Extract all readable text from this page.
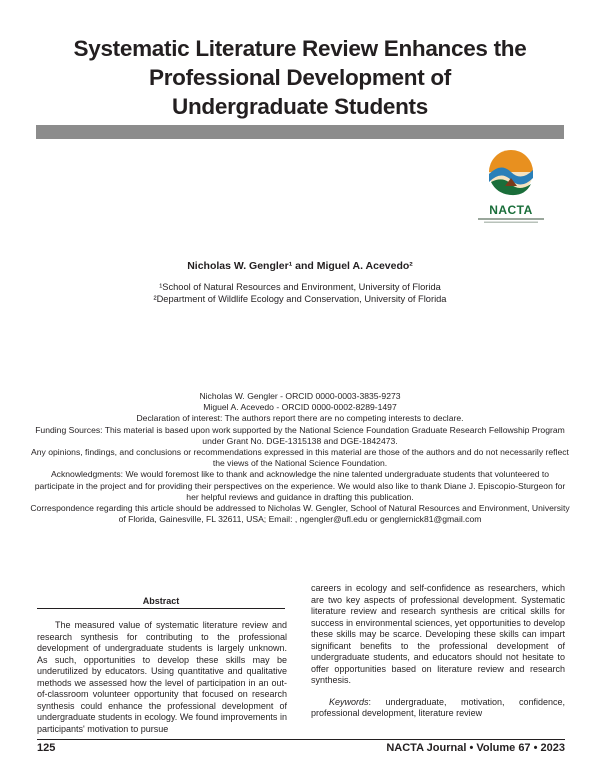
Systematic Literature Review Enhances the
Professional Development of
Undergraduate Students
NACTA
Nicholas W. Gengler¹ and Miguel A. Acevedo²
¹School of Natural Resources and Environment, University of Florida
²Department of Wildlife Ecology and Conservation, University of Florida

Nicholas W. Gengler - ORCID 0000-0003-3835-9273

Miguel A. Acevedo - ORCID 0000-0002-8289-1497

Declaration of interest: The authors report there are no competing interests to declare.

Funding Sources: This material is based upon work supported by the National Science Foundation Graduate Research Fellowship Program under Grant No. DGE-1315138 and DGE-1842473.

Any opinions, findings, and conclusions or recommendations expressed in this material are those of the authors and do not necessarily reflect the views of the National Science Foundation.

Acknowledgments: We would foremost like to thank and acknowledge the nine talented undergraduate students that volunteered to participate in the project and for providing their perspectives on the experience. We would also like to thank Diane J. Episcopio-Sturgeon for her helpful reviews and guidance in drafting this publication.

Correspondence regarding this article should be addressed to Nicholas W. Gengler, School of Natural Resources and Environment, University of Florida, Gainesville, FL 32611, USA; Email: , ngengler@ufl.edu or genglernick81@gmail.com

Abstract

The measured value of systematic literature review and research synthesis for contributing to the professional development of undergraduate students is largely unknown. As such, opportunities to develop these skills may be underutilized by educators. Using quantitative and qualitative methods we assessed how the level of participation in an out-of-classroom volunteer opportunity that focused on research synthesis could enhance the professional development of undergraduate students in ecology. We found improvements in participants' motivation to pursue

careers in ecology and self-confidence as researchers, which are two key aspects of professional development. Systematic literature review and research synthesis are critical skills for success in environmental sciences, yet opportunities to develop these skills may be scarce. Developing these skills can impart significant benefits to the professional development of undergraduate students, and educators should not hesitate to offer opportunities based on literature review and research synthesis.

Keywords: undergraduate, motivation, confidence, professional development, literature review

125	NACTA Journal • Volume 67 • 2023
